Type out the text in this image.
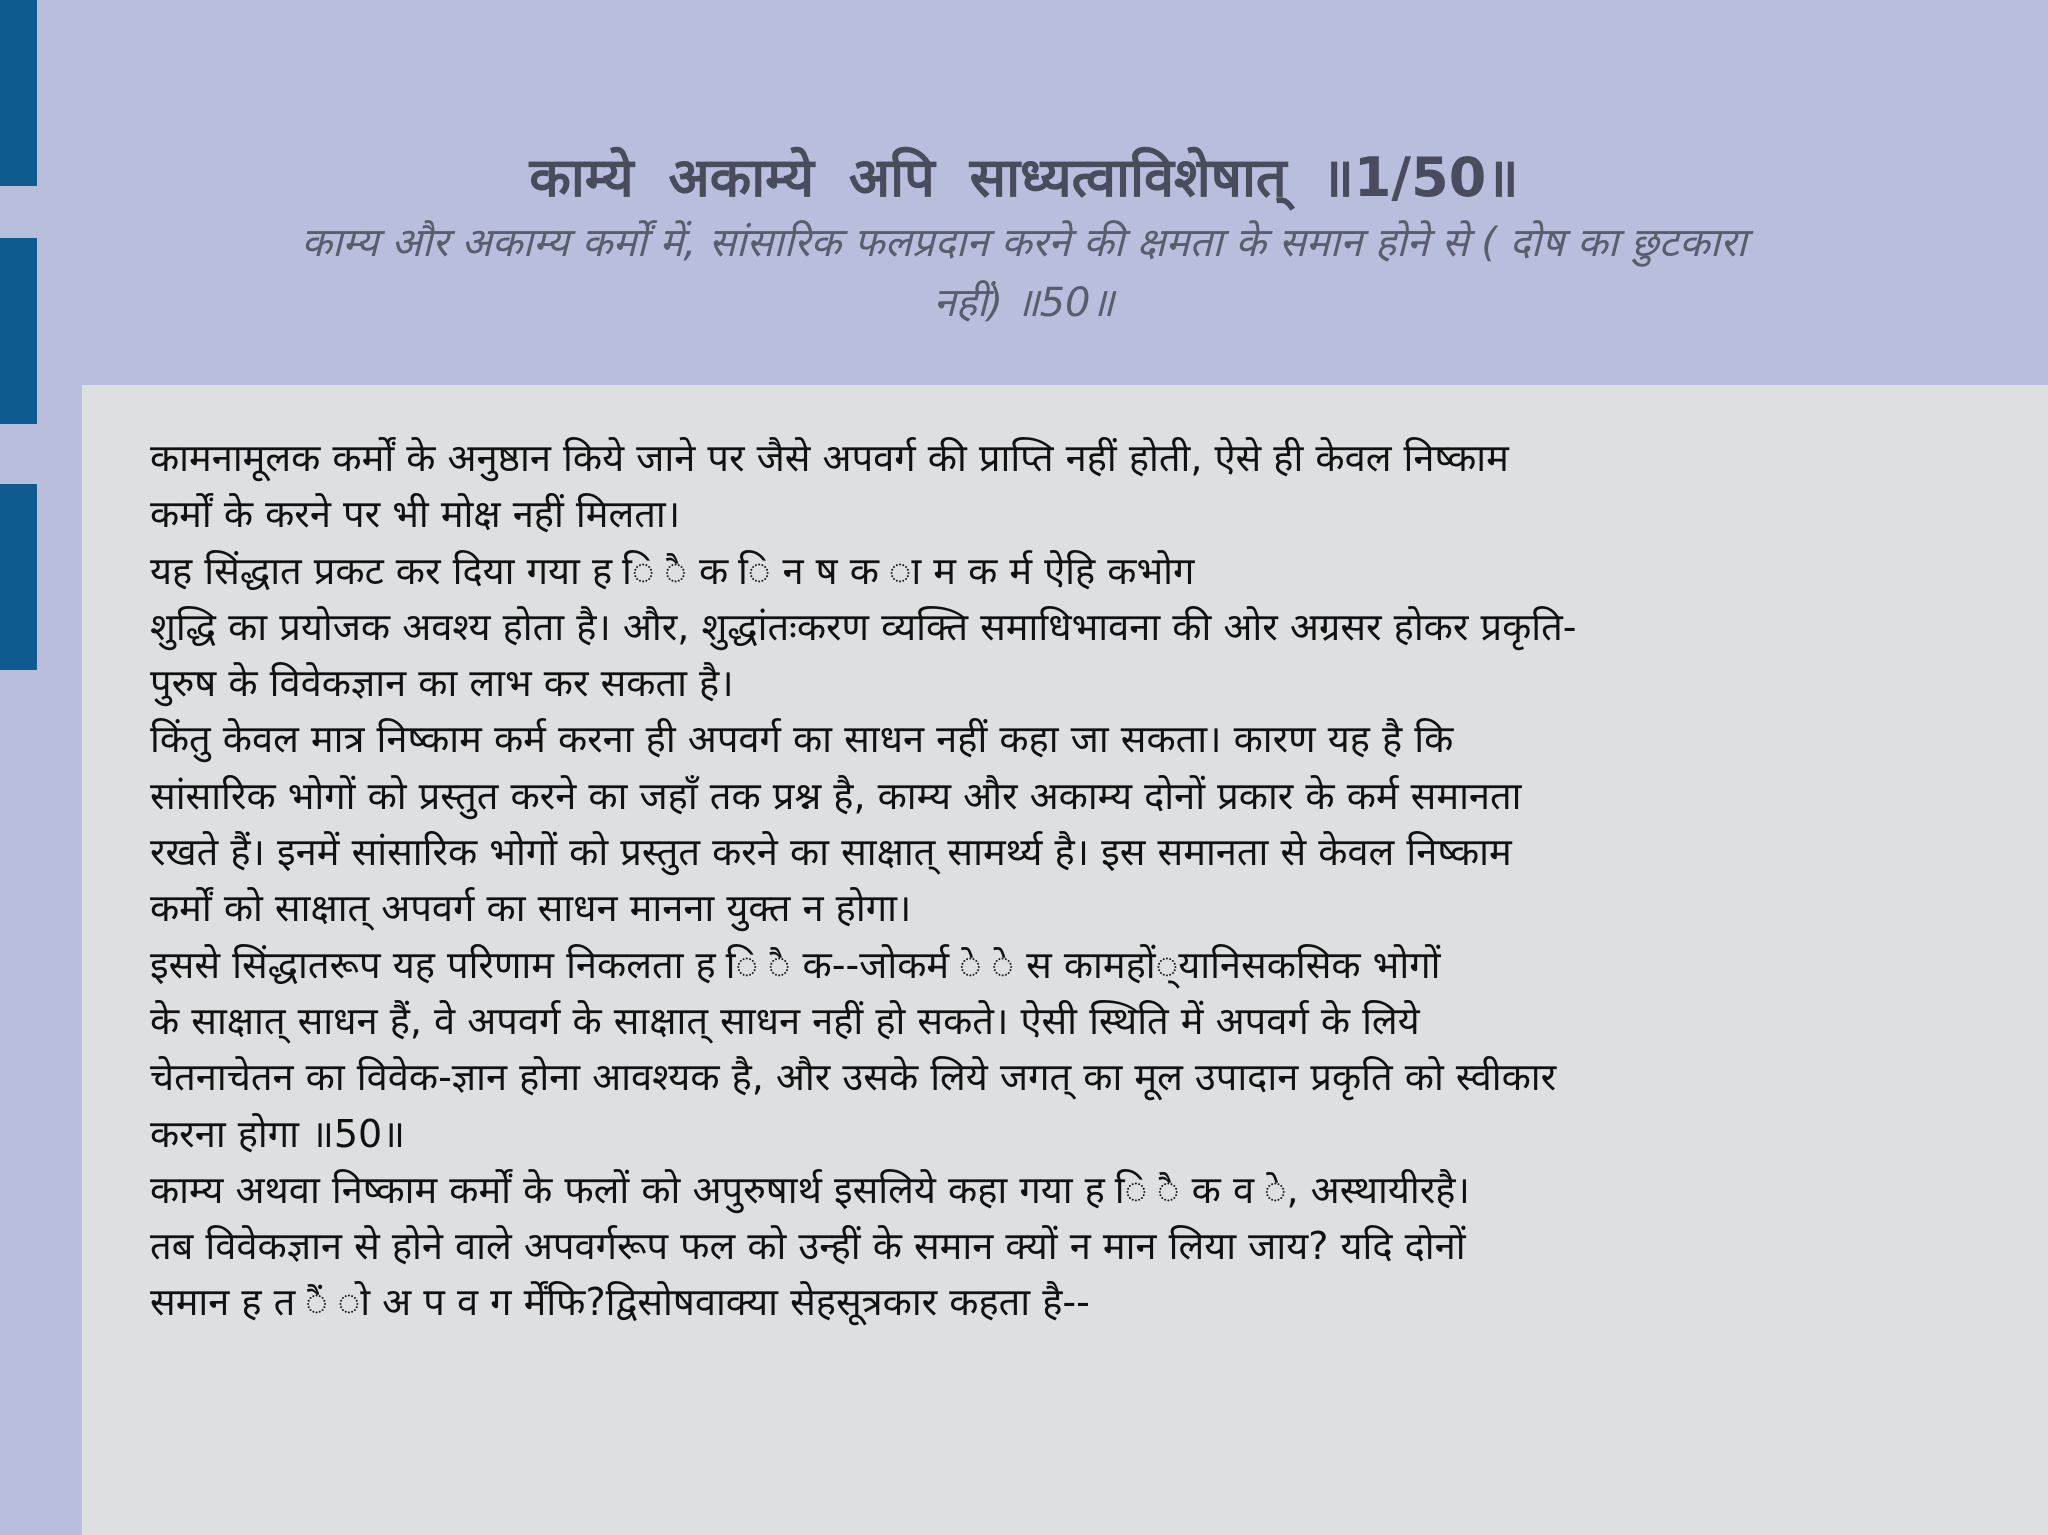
काम्ये अकाम्ये अपि साध्यत्वाविशेषात् ॥1/50॥

काम्य और अकाम्य कर्मों में, सांसारिक फलप्रदान करने की क्षमता के समान होने से ( दोष का छुटकारा नहीं) ॥50॥

कामनामूलक कर्मों के अनुष्ठान किये जाने पर जैसे अपवर्ग की प्राप्ति नहीं होती, ऐसे ही केवल निष्काम

कर्मों के करने पर भी मोक्ष नहीं मिलता।

यह सिंद्धात प्रकट कर दिया गया ह ि ै क ि न ष क ा म क र्म ऐहि कभोग

शुद्धि का प्रयोजक अवश्य होता है। और, शुद्धांतःकरण व्यक्ति समाधिभावना की ओर अग्रसर होकर प्रकृति-

पुरुष के विवेकज्ञान का लाभ कर सकता है।

किंतु केवल मात्र निष्काम कर्म करना ही अपवर्ग का साधन नहीं कहा जा सकता। कारण यह है कि

सांसारिक भोगों को प्रस्तुत करने का जहाँ तक प्रश्न है, काम्य और अकाम्य दोनों प्रकार के कर्म समानता

रखते हैं। इनमें सांसारिक भोगों को प्रस्तुत करने का साक्षात् सामर्थ्य है। इस समानता से केवल निष्काम

कर्मों को साक्षात् अपवर्ग का साधन मानना युक्त न होगा।

इससे सिंद्धातरूप यह परिणाम निकलता ह ि ै क--जोकर्म े े स कामहों्यानिसकसिक भोगों

के साक्षात् साधन हैं, वे अपवर्ग के साक्षात् साधन नहीं हो सकते। ऐसी स्थिति में अपवर्ग के लिये

चेतनाचेतन का विवेक-ज्ञान होना आवश्यक है, और उसके लिये जगत् का मूल उपादान प्रकृति को स्वीकार

करना होगा ॥50॥

काम्य अथवा निष्काम कर्मों के फलों को अपुरुषार्थ इसलिये कहा गया ह ि ै क व े, अस्थायीरहै।

तब विवेकज्ञान से होने वाले अपवर्गरूप फल को उन्हीं के समान क्यों न मान लिया जाय? यदि दोनों

समान ह त ैं ो अ प व ग र्मेंफि?द्विसोषवाक्या सेहसूत्रकार कहता है--
